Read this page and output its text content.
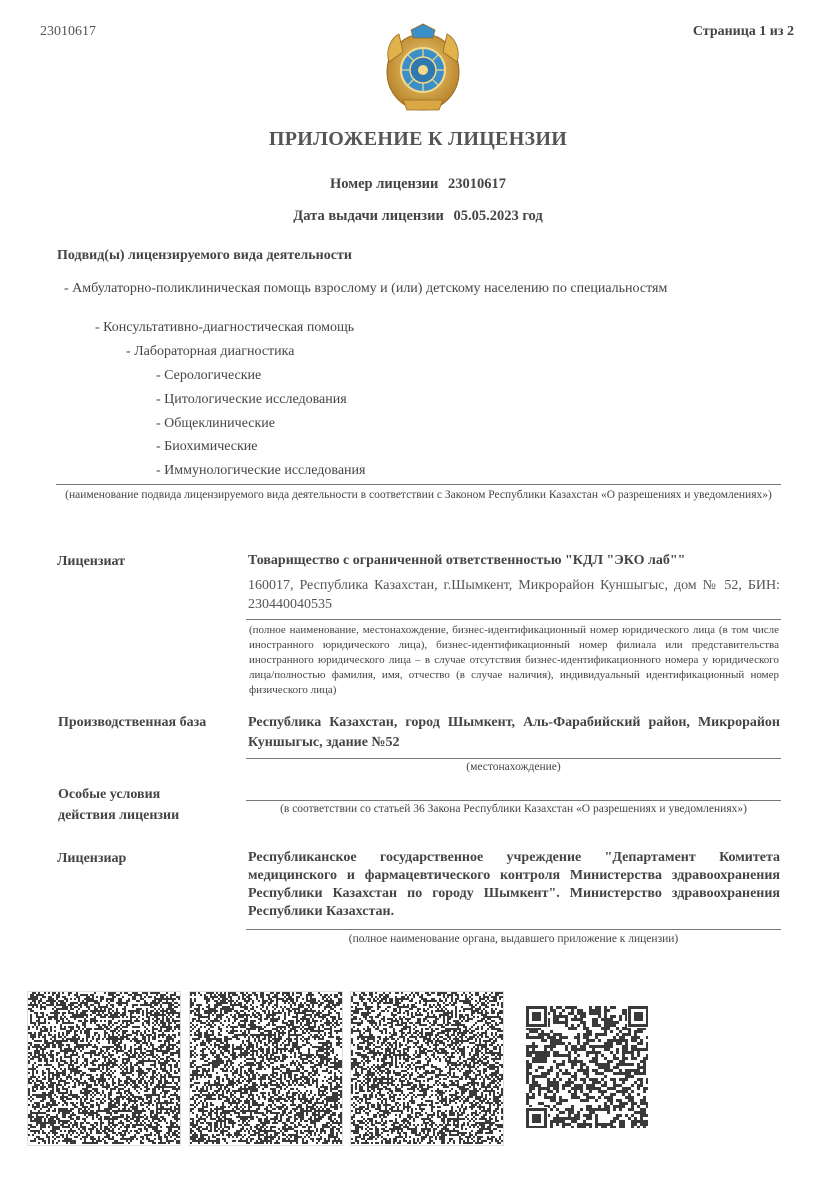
23010617	Страница 1 из 2
ПРИЛОЖЕНИЕ К ЛИЦЕНЗИИ
Номер лицензии 23010617
Дата выдачи лицензии 05.05.2023 год
Подвид(ы) лицензируемого вида деятельности
- Амбулаторно-поликлиническая помощь взрослому и (или) детскому населению по специальностям
- Консультативно-диагностическая помощь
- Лабораторная диагностика
- Серологические
- Цитологические исследования
- Общеклинические
- Биохимические
- Иммунологические исследования
(наименование подвида лицензируемого вида деятельности в соответствии с Законом Республики Казахстан «О разрешениях и уведомлениях»)
Лицензиат	Товарищество с ограниченной ответственностью "КДЛ "ЭКО лаб""
160017, Республика Казахстан, г.Шымкент, Микрорайон Куншыгыс, дом № 52, БИН: 230440040535
(полное наименование, местонахождение, бизнес-идентификационный номер юридического лица (в том числе иностранного юридического лица), бизнес-идентификационный номер филиала или представительства иностранного юридического лица – в случае отсутствия бизнес-идентификационного номера у юридического лица/полностью фамилия, имя, отчество (в случае наличия), индивидуальный идентификационный номер физического лица)
Производственная база	Республика Казахстан, город Шымкент, Аль-Фарабийский район, Микрорайон Куншыгыс, здание №52
(местонахождение)
Особые условия
действия лицензии	(в соответствии со статьей 36 Закона Республики Казахстан «О разрешениях и уведомлениях»)
Лицензиар	Республиканское государственное учреждение "Департамент Комитета медицинского и фармацевтического контроля Министерства здравоохранения Республики Казахстан по городу Шымкент". Министерство здравоохранения Республики Казахстан.
(полное наименование органа, выдавшего приложение к лицензии)
